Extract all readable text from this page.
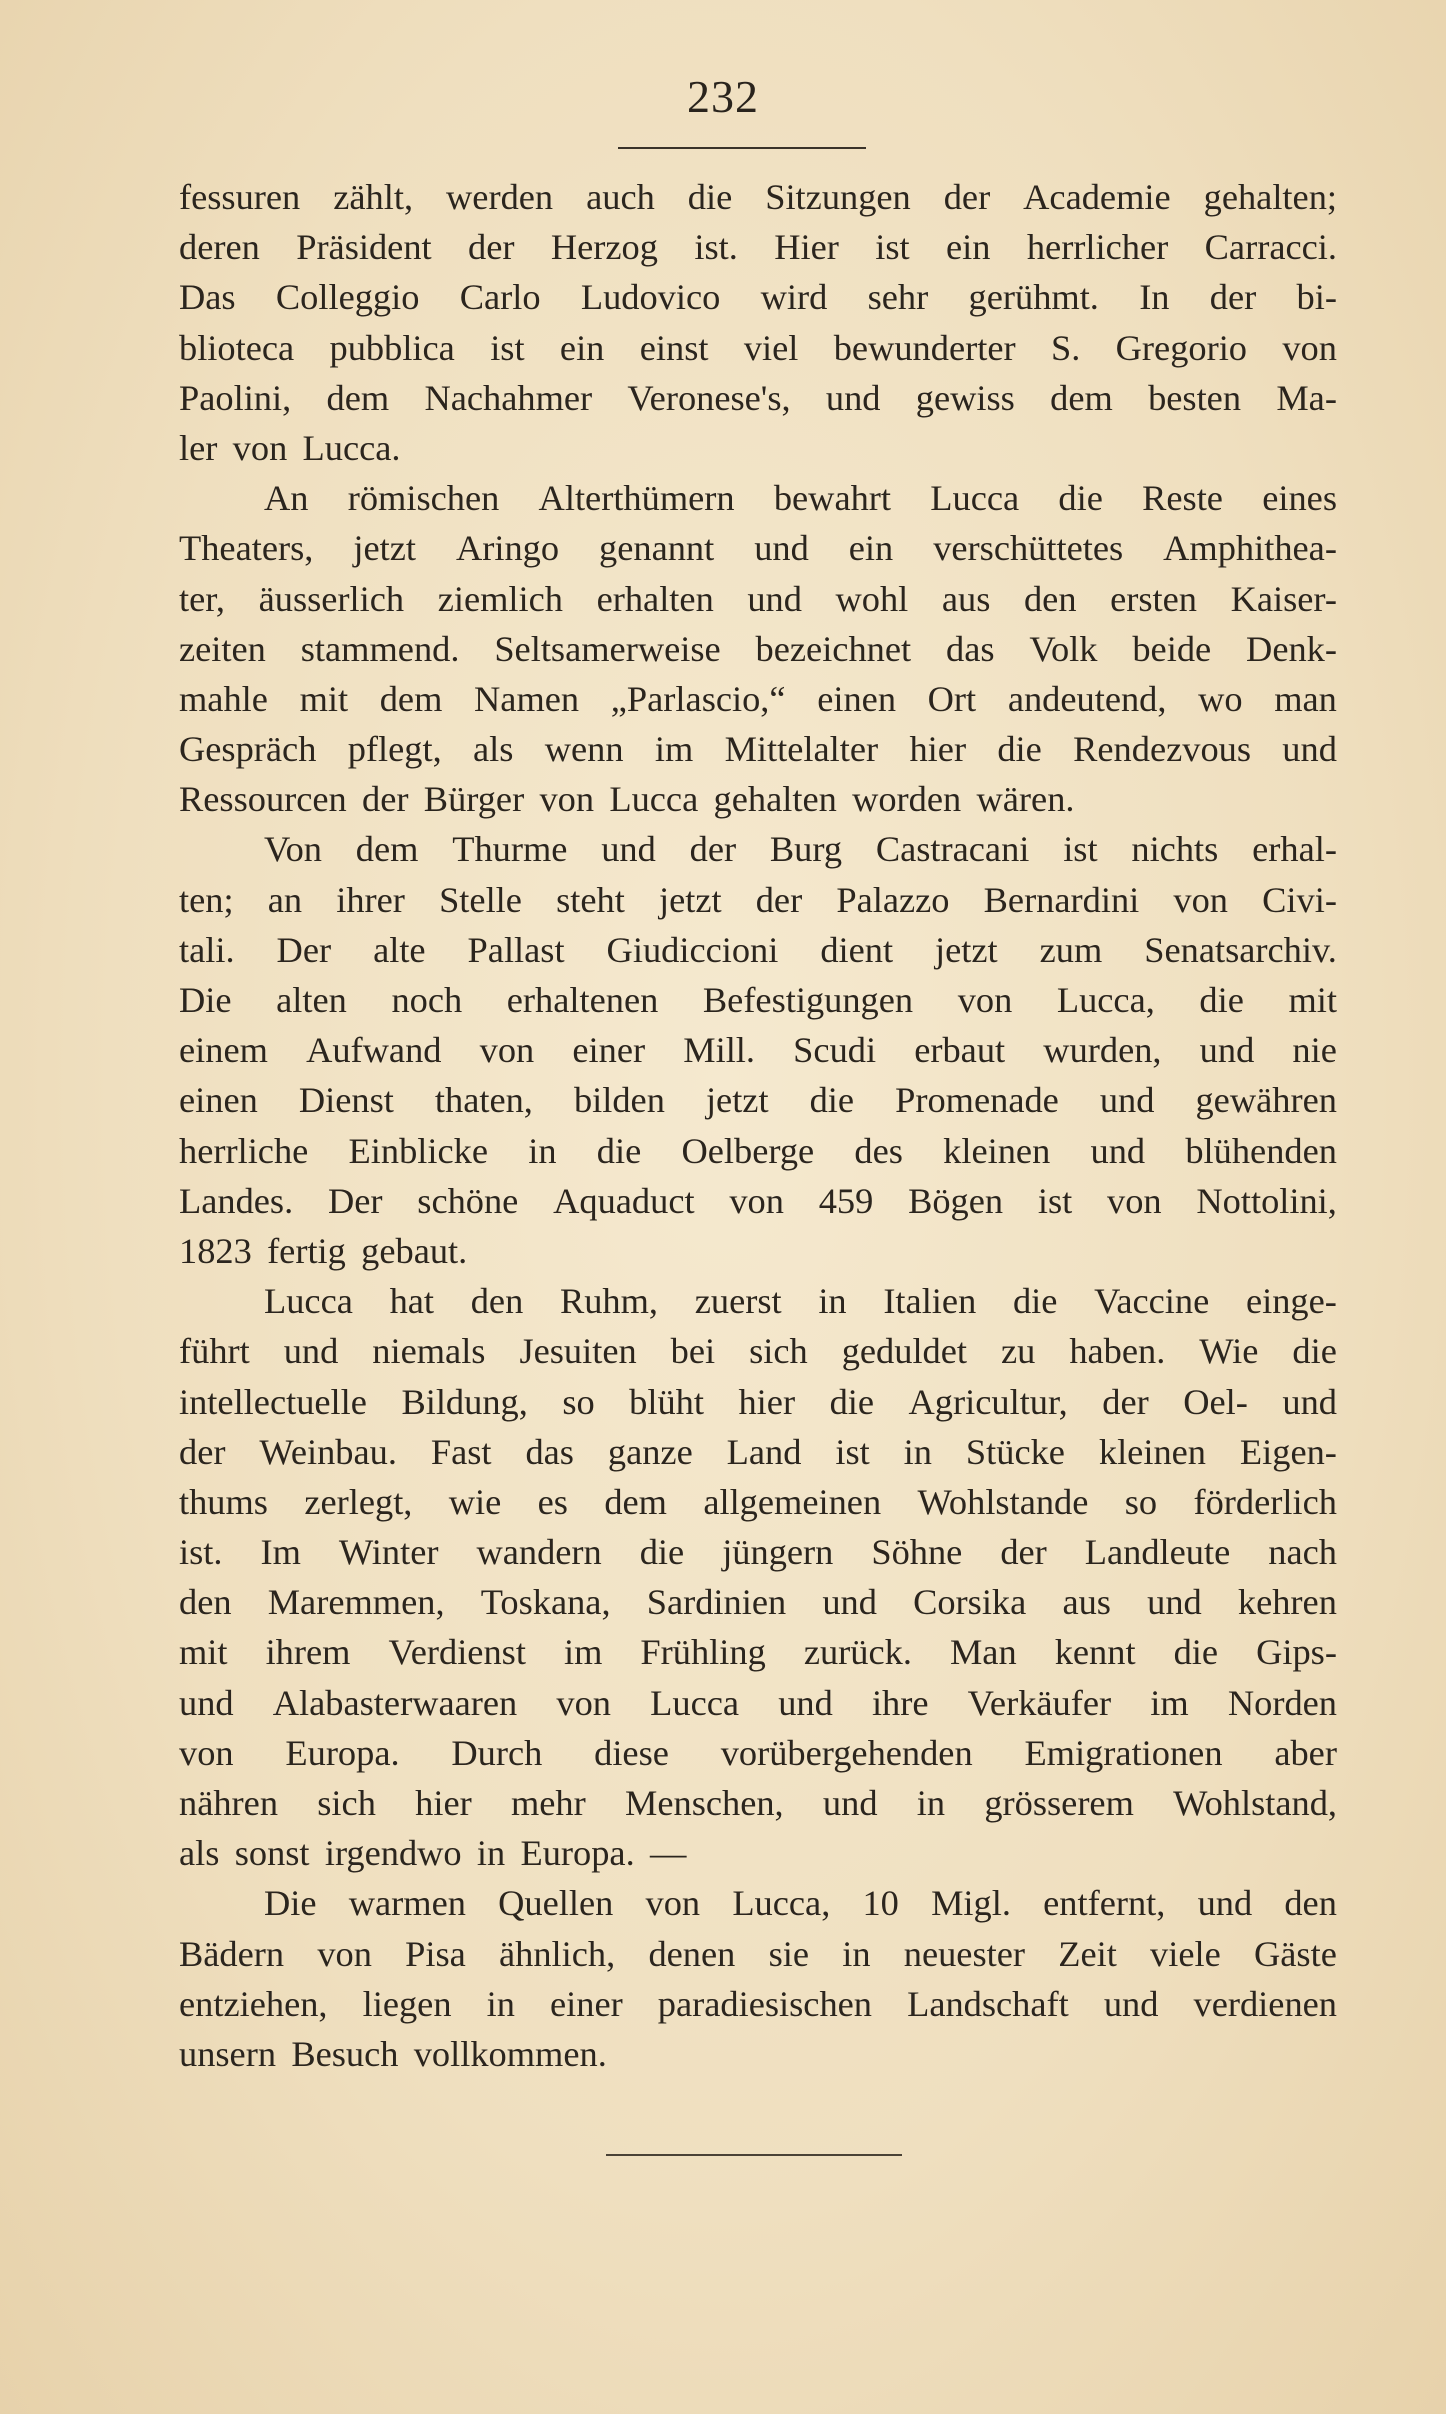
232
fessuren zählt, werden auch die Sitzungen der Academie gehalten;
deren Präsident der Herzog ist. Hier ist ein herrlicher Carracci.
Das Colleggio Carlo Ludovico wird sehr gerühmt. In der bi-
blioteca pubblica ist ein einst viel bewunderter S. Gregorio von
Paolini, dem Nachahmer Veronese's, und gewiss dem besten Ma-
ler von Lucca.
An römischen Alterthümern bewahrt Lucca die Reste eines
Theaters, jetzt Aringo genannt und ein verschüttetes Amphithea-
ter, äusserlich ziemlich erhalten und wohl aus den ersten Kaiser-
zeiten stammend. Seltsamerweise bezeichnet das Volk beide Denk-
mahle mit dem Namen „Parlascio,“ einen Ort andeutend, wo man
Gespräch pflegt, als wenn im Mittelalter hier die Rendezvous und
Ressourcen der Bürger von Lucca gehalten worden wären.
Von dem Thurme und der Burg Castracani ist nichts erhal-
ten; an ihrer Stelle steht jetzt der Palazzo Bernardini von Civi-
tali. Der alte Pallast Giudiccioni dient jetzt zum Senatsarchiv.
Die alten noch erhaltenen Befestigungen von Lucca, die mit
einem Aufwand von einer Mill. Scudi erbaut wurden, und nie
einen Dienst thaten, bilden jetzt die Promenade und gewähren
herrliche Einblicke in die Oelberge des kleinen und blühenden
Landes. Der schöne Aquaduct von 459 Bögen ist von Nottolini,
1823 fertig gebaut.
Lucca hat den Ruhm, zuerst in Italien die Vaccine einge-
führt und niemals Jesuiten bei sich geduldet zu haben. Wie die
intellectuelle Bildung, so blüht hier die Agricultur, der Oel- und
der Weinbau. Fast das ganze Land ist in Stücke kleinen Eigen-
thums zerlegt, wie es dem allgemeinen Wohlstande so förderlich
ist. Im Winter wandern die jüngern Söhne der Landleute nach
den Maremmen, Toskana, Sardinien und Corsika aus und kehren
mit ihrem Verdienst im Frühling zurück. Man kennt die Gips-
und Alabasterwaaren von Lucca und ihre Verkäufer im Norden
von Europa. Durch diese vorübergehenden Emigrationen aber
nähren sich hier mehr Menschen, und in grösserem Wohlstand,
als sonst irgendwo in Europa. —
Die warmen Quellen von Lucca, 10 Migl. entfernt, und den
Bädern von Pisa ähnlich, denen sie in neuester Zeit viele Gäste
entziehen, liegen in einer paradiesischen Landschaft und verdienen
unsern Besuch vollkommen.
